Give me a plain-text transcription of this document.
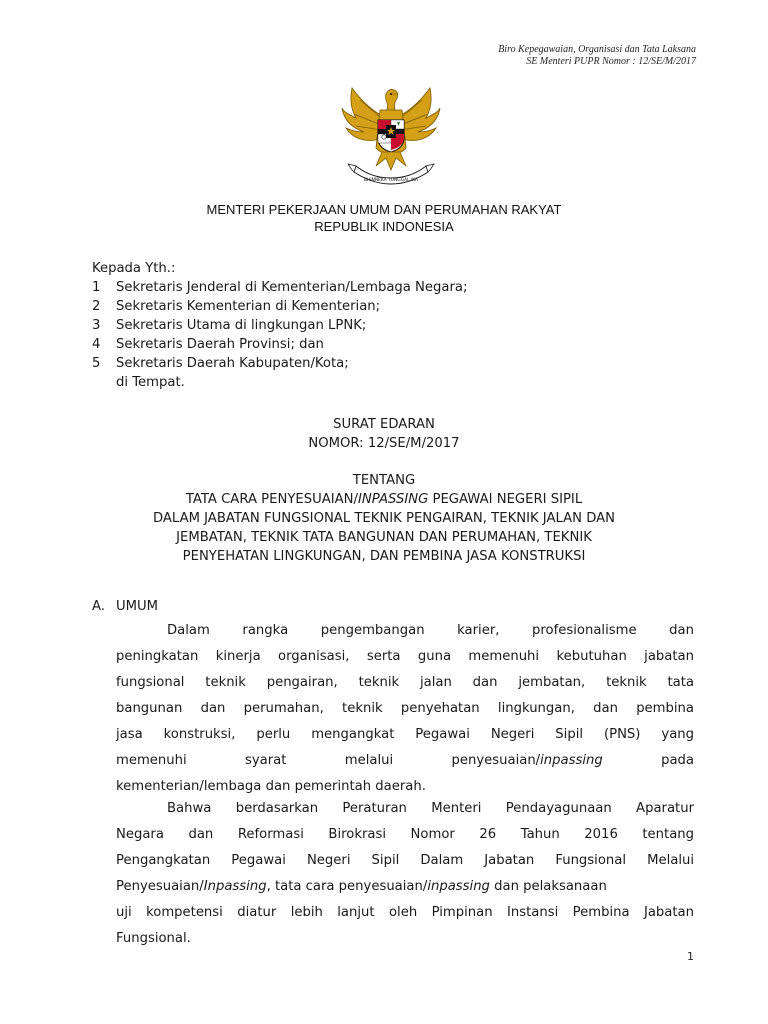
Biro Kepegawaian, Organisasi dan Tata Laksana
SE Menteri PUPR Nomor : 12/SE/M/2017
BHINNEKA TUNGGAL IKA
MENTERI PEKERJAAN UMUM DAN PERUMAHAN RAKYAT
REPUBLIK INDONESIA
Kepada Yth.:
1 Sekretaris Jenderal di Kementerian/Lembaga Negara;
2 Sekretaris Kementerian di Kementerian;
3 Sekretaris Utama di lingkungan LPNK;
4 Sekretaris Daerah Provinsi; dan
5 Sekretaris Daerah Kabupaten/Kota;
di Tempat.
SURAT EDARAN
NOMOR: 12/SE/M/2017
TENTANG
TATA CARA PENYESUAIAN/INPASSING PEGAWAI NEGERI SIPIL
DALAM JABATAN FUNGSIONAL TEKNIK PENGAIRAN, TEKNIK JALAN DAN
JEMBATAN, TEKNIK TATA BANGUNAN DAN PERUMAHAN, TEKNIK
PENYEHATAN LINGKUNGAN, DAN PEMBINA JASA KONSTRUKSI
A. UMUM
Dalam rangka pengembangan karier, profesionalisme dan
peningkatan kinerja organisasi, serta guna memenuhi kebutuhan jabatan
fungsional teknik pengairan, teknik jalan dan jembatan, teknik tata
bangunan dan perumahan, teknik penyehatan lingkungan, dan pembina
jasa konstruksi, perlu mengangkat Pegawai Negeri Sipil (PNS) yang
memenuhi syarat melalui penyesuaian/inpassing	pada
kementerian/lembaga dan pemerintah daerah.
Bahwa berdasarkan Peraturan Menteri Pendayagunaan Aparatur
Negara dan Reformasi Birokrasi Nomor 26 Tahun 2016 tentang
Pengangkatan Pegawai Negeri Sipil Dalam Jabatan Fungsional Melalui
Penyesuaian/Inpassing, tata cara penyesuaian/inpassing dan pelaksanaan
uji kompetensi diatur lebih lanjut oleh Pimpinan Instansi Pembina Jabatan
Fungsional.
1
